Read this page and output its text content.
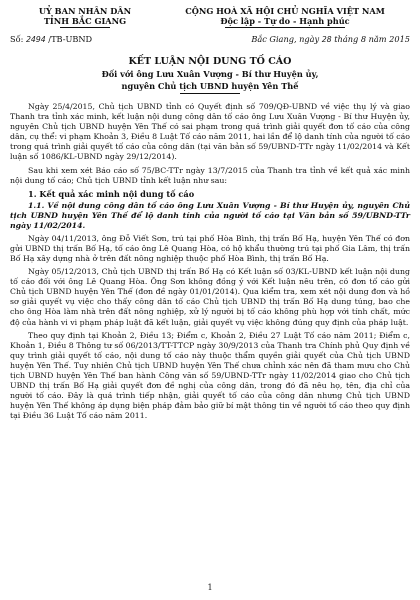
UỶ BAN NHÂN DÂN
TỈNH BẮC GIANG
CỘNG HOÀ XÃ HỘI CHỦ NGHĨA VIỆT NAM
Độc lập - Tự do - Hạnh phúc
Số: 2494 /TB-UBND	Bắc Giang, ngày 28 tháng 8 năm 2015
KẾT LUẬN NỘI DUNG TỐ CÁO
Đối với ông Lưu Xuân Vượng - Bí thư Huyện ủy,
nguyên Chủ tịch UBND huyện Yên Thế

Ngày 25/4/2015, Chủ tịch UBND tỉnh có Quyết định số 709/QĐ-UBND về việc thụ lý và giao Thanh tra tỉnh xác minh, kết luận nội dung công dân tố cáo ông Lưu Xuân Vượng - Bí thư Huyện ủy, nguyên Chủ tịch UBND huyện Yên Thế có sai phạm trong quá trình giải quyết đơn tố cáo của công dân, cụ thể: vi phạm Khoản 3, Điều 8 Luật Tố cáo năm 2011, hai lần để lộ danh tính của người tố cáo trong quá trình giải quyết tố cáo của công dân (tại văn bản số 59/UBND-TTr ngày 11/02/2014 và Kết luận số 1086/KL-UBND ngày 29/12/2014).

Sau khi xem xét Báo cáo số 75/BC-TTr ngày 13/7/2015 của Thanh tra tỉnh về kết quả xác minh nội dung tố cáo; Chủ tịch UBND tỉnh kết luận như sau:

1. Kết quả xác minh nội dung tố cáo
1.1. Về nội dung công dân tố cáo ông Lưu Xuân Vượng - Bí thư Huyện ủy, nguyên Chủ tịch UBND huyện Yên Thế để lộ danh tính của người tố cáo tại Văn bản số 59/UBND-TTr ngày 11/02/2014.

Ngày 04/11/2013, ông Đỗ Viết Sơn, trú tại phố Hòa Bình, thị trấn Bố Hạ, huyện Yên Thế có đơn gửi UBND thị trấn Bố Hạ, tố cáo ông Lê Quang Hòa, có hộ khẩu thường trú tại phố Gia Lâm, thị trấn Bố Hạ xây dựng nhà ở trên đất nông nghiệp thuộc phố Hòa Bình, thị trấn Bố Hạ.

Ngày 05/12/2013, Chủ tịch UBND thị trấn Bố Hạ có Kết luận số 03/KL-UBND kết luận nội dung tố cáo đối với ông Lê Quang Hòa. Ông Sơn không đồng ý với Kết luận nêu trên, có đơn tố cáo gửi Chủ tịch UBND huyện Yên Thế (đơn đề ngày 01/01/2014). Qua kiểm tra, xem xét nội dung đơn và hồ sơ giải quyết vụ việc cho thấy công dân tố cáo Chủ tịch UBND thị trấn Bố Hạ dung túng, bao che cho ông Hòa làm nhà trên đất nông nghiệp, xử lý người bị tố cáo không phù hợp với tính chất, mức độ của hành vi vi phạm pháp luật đã kết luận, giải quyết vụ việc không đúng quy định của pháp luật.

Theo quy định tại Khoản 2, Điều 13; Điểm c, Khoản 2, Điều 27 Luật Tố cáo năm 2011; Điểm c, Khoản 1, Điều 8 Thông tư số 06/2013/TT-TTCP ngày 30/9/2013 của Thanh tra Chính phủ Quy định về quy trình giải quyết tố cáo, nội dung tố cáo này thuộc thẩm quyền giải quyết của Chủ tịch UBND huyện Yên Thế. Tuy nhiên Chủ tịch UBND huyện Yên Thế chưa chỉnh xác nên đã tham mưu cho Chủ tịch UBND huyện Yên Thế ban hành Công văn số 59/UBND-TTr ngày 11/02/2014 giao cho Chủ tịch UBND thị trấn Bố Hạ giải quyết đơn đề nghị của công dân, trong đó đã nêu họ, tên, địa chỉ của người tố cáo. Đây là quá trình tiếp nhận, giải quyết tố cáo của công dân nhưng Chủ tịch UBND huyện Yên Thế không áp dụng biện pháp đảm bảo giữ bí mật thông tin về người tố cáo theo quy định tại Điều 36 Luật Tố cáo năm 2011.

1
